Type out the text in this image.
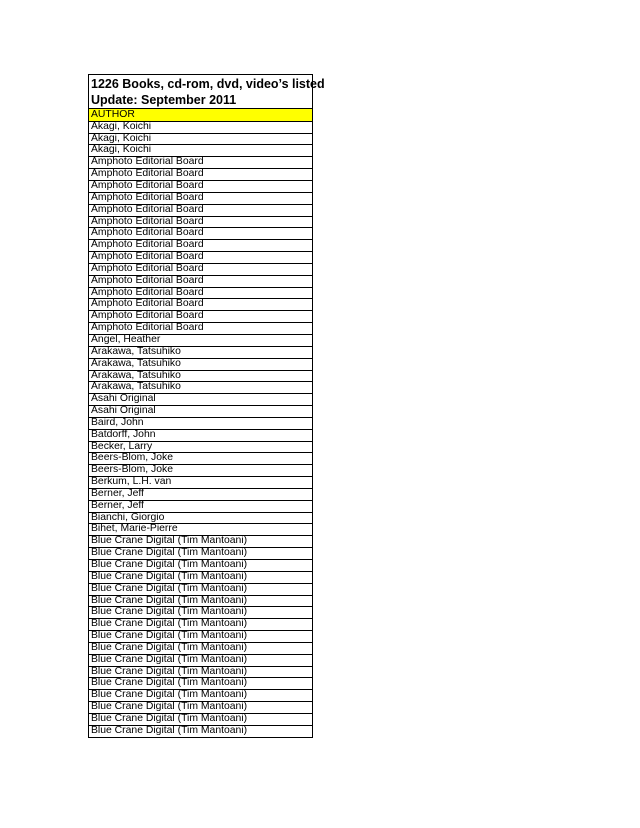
1226 Books, cd-rom, dvd, video’s listed
Update: September 2011
AUTHOR
Akagi, Koichi
Akagi, Koichi
Akagi, Koichi
Amphoto Editorial Board
Amphoto Editorial Board
Amphoto Editorial Board
Amphoto Editorial Board
Amphoto Editorial Board
Amphoto Editorial Board
Amphoto Editorial Board
Amphoto Editorial Board
Amphoto Editorial Board
Amphoto Editorial Board
Amphoto Editorial Board
Amphoto Editorial Board
Amphoto Editorial Board
Amphoto Editorial Board
Amphoto Editorial Board
Angel, Heather
Arakawa, Tatsuhiko
Arakawa, Tatsuhiko
Arakawa, Tatsuhiko
Arakawa, Tatsuhiko
Asahi Original
Asahi Original
Baird, John
Batdorff, John
Becker, Larry
Beers-Blom, Joke
Beers-Blom, Joke
Berkum, L.H. van
Berner, Jeff
Berner, Jeff
Bianchi, Giorgio
Bihet, Marie-Pierre
Blue Crane Digital (Tim Mantoani)
Blue Crane Digital (Tim Mantoani)
Blue Crane Digital (Tim Mantoani)
Blue Crane Digital (Tim Mantoani)
Blue Crane Digital (Tim Mantoani)
Blue Crane Digital (Tim Mantoani)
Blue Crane Digital (Tim Mantoani)
Blue Crane Digital (Tim Mantoani)
Blue Crane Digital (Tim Mantoani)
Blue Crane Digital (Tim Mantoani)
Blue Crane Digital (Tim Mantoani)
Blue Crane Digital (Tim Mantoani)
Blue Crane Digital (Tim Mantoani)
Blue Crane Digital (Tim Mantoani)
Blue Crane Digital (Tim Mantoani)
Blue Crane Digital (Tim Mantoani)
Blue Crane Digital (Tim Mantoani)
